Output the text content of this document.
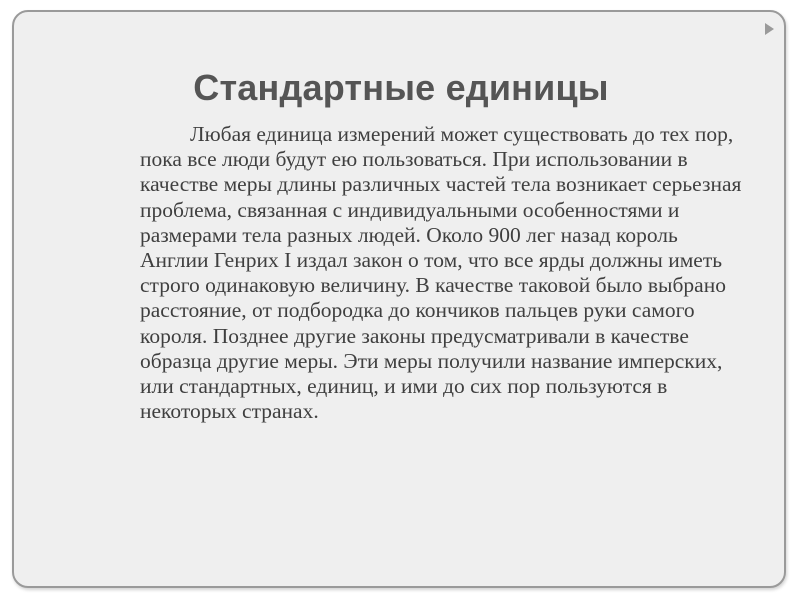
Стандартные единицы

Любая единица измерений может существовать до тех пор, пока все люди будут ею пользоваться. При использовании в качестве меры длины различных частей тела возникает серьезная проблема, связанная с индивидуальными особенностями и размерами тела разных людей. Около 900 лег назад король Англии Генрих I издал закон о том, что все ярды должны иметь строго одинаковую величину. В качестве таковой было выбрано расстояние, от подбородка до кончиков пальцев руки самого короля. Позднее другие законы предусматривали в качестве образца другие меры. Эти меры получили название имперских, или стандартных, единиц, и ими до сих пор пользуются в некоторых странах.
